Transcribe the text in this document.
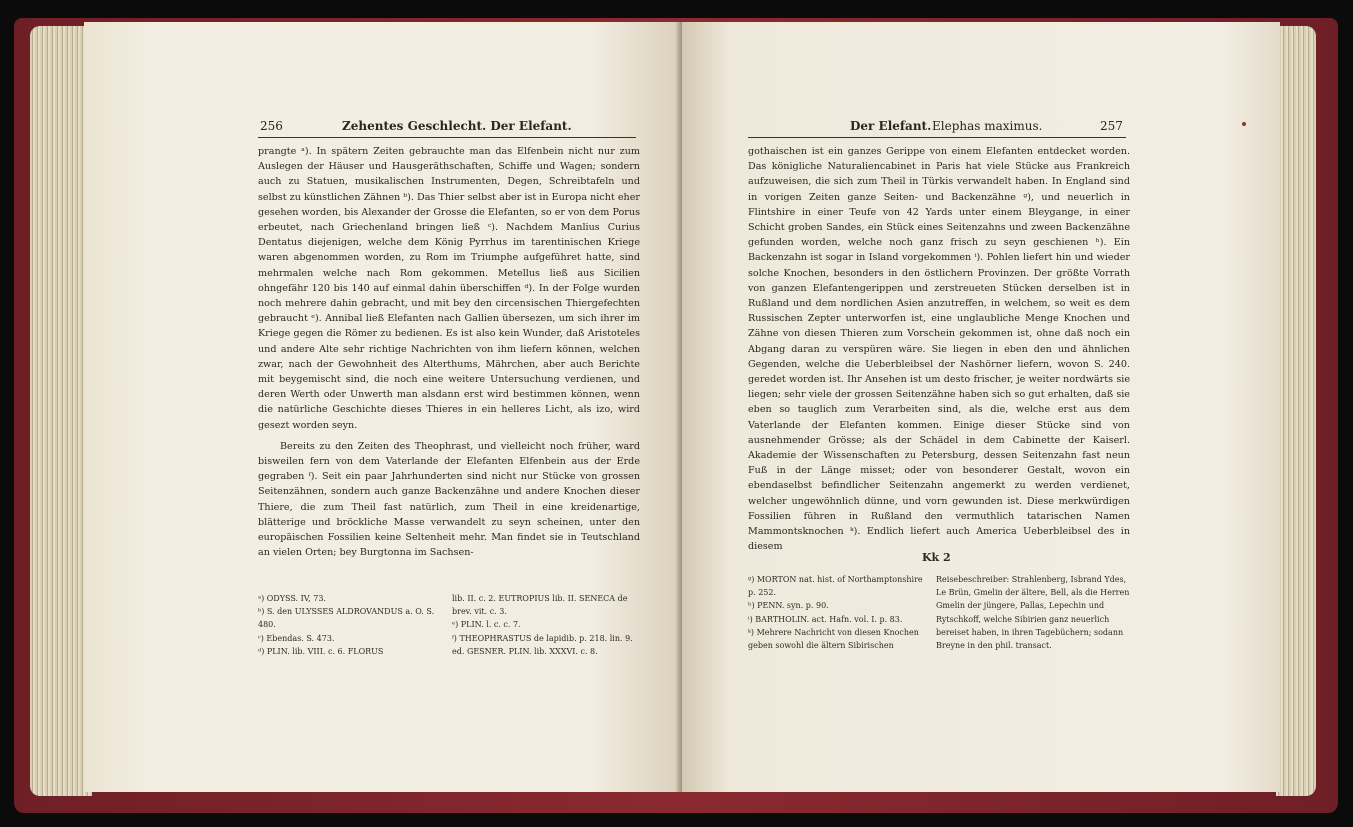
256	Zehentes Geschlecht. Der Elefant.

prangte ᵃ). In spätern Zeiten gebrauchte man das Elfenbein nicht nur zum Auslegen der Häuser und Hausgeräthschaften, Schiffe und Wagen; sondern auch zu Statuen, musikalischen Instrumenten, Degen, Schreibtafeln und selbst zu künstlichen Zähnen ᵇ). Das Thier selbst aber ist in Europa nicht eher gesehen worden, bis Alexander der Grosse die Elefanten, so er von dem Porus erbeutet, nach Griechenland bringen ließ ᶜ). Nachdem Manlius Curius Dentatus diejenigen, welche dem König Pyrrhus im tarentinischen Kriege waren abgenommen worden, zu Rom im Triumphe aufgeführet hatte, sind mehrmalen welche nach Rom gekommen. Metellus ließ aus Sicilien ohngefähr 120 bis 140 auf einmal dahin überschiffen ᵈ). In der Folge wurden noch mehrere dahin gebracht, und mit bey den circensischen Thiergefechten gebraucht ᵉ). Annibal ließ Elefanten nach Gallien übersezen, um sich ihrer im Kriege gegen die Römer zu bedienen. Es ist also kein Wunder, daß Aristoteles und andere Alte sehr richtige Nachrichten von ihm liefern können, welchen zwar, nach der Gewohnheit des Alterthums, Mährchen, aber auch Berichte mit beygemischt sind, die noch eine weitere Untersuchung verdienen, und deren Werth oder Unwerth man alsdann erst wird bestimmen können, wenn die natürliche Geschichte dieses Thieres in ein helleres Licht, als izo, wird gesezt worden seyn.

Bereits zu den Zeiten des Theophrast, und vielleicht noch früher, ward bisweilen fern von dem Vaterlande der Elefanten Elfenbein aus der Erde gegraben ᶠ). Seit ein paar Jahrhunderten sind nicht nur Stücke von grossen Seitenzähnen, sondern auch ganze Backenzähne und andere Knochen dieser Thiere, die zum Theil fast natürlich, zum Theil in eine kreidenartige, blätterige und bröckliche Masse verwandelt zu seyn scheinen, unter den europäischen Fossilien keine Seltenheit mehr. Man findet sie in Teutschland an vielen Orten; bey Burgtonna im Sachsen-

ᵃ) ODYSS. IV, 73.
ᵇ) S. den ULYSSES ALDROVANDUS a. O. S. 480.
ᶜ) Ebendas. S. 473.
ᵈ) PLIN. lib. VIII. c. 6. FLORUS
lib. II. c. 2. EUTROPIUS lib. II. SENECA de brev. vit. c. 3.
ᵉ) PLIN. l. c. c. 7.
ᶠ) THEOPHRASTUS de lapidib. p. 218. lin. 9. ed. GESNER. PLIN. lib. XXXVI. c. 8.
Der Elefant. Elephas maximus.	257

gothaischen ist ein ganzes Gerippe von einem Elefanten entdecket worden. Das königliche Naturaliencabinet in Paris hat viele Stücke aus Frankreich aufzuweisen, die sich zum Theil in Türkis verwandelt haben. In England sind in vorigen Zeiten ganze Seiten- und Backenzähne ᵍ), und neuerlich in Flintshire in einer Teufe von 42 Yards unter einem Bleygange, in einer Schicht groben Sandes, ein Stück eines Seitenzahns und zween Backenzähne gefunden worden, welche noch ganz frisch zu seyn geschienen ʰ). Ein Backenzahn ist sogar in Island vorgekommen ⁱ). Pohlen liefert hin und wieder solche Knochen, besonders in den östlichern Provinzen. Der größte Vorrath von ganzen Elefantengerippen und zerstreueten Stücken derselben ist in Rußland und dem nordlichen Asien anzutreffen, in welchem, so weit es dem Russischen Zepter unterworfen ist, eine unglaubliche Menge Knochen und Zähne von diesen Thieren zum Vorschein gekommen ist, ohne daß noch ein Abgang daran zu verspüren wäre. Sie liegen in eben den und ähnlichen Gegenden, welche die Ueberbleibsel der Nashörner liefern, wovon S. 240. geredet worden ist. Ihr Ansehen ist um desto frischer, je weiter nordwärts sie liegen; sehr viele der grossen Seitenzähne haben sich so gut erhalten, daß sie eben so tauglich zum Verarbeiten sind, als die, welche erst aus dem Vaterlande der Elefanten kommen. Einige dieser Stücke sind von ausnehmender Grösse; als der Schädel in dem Cabinette der Kaiserl. Akademie der Wissenschaften zu Petersburg, dessen Seitenzahn fast neun Fuß in der Länge misset; oder von besonderer Gestalt, wovon ein ebendaselbst befindlicher Seitenzahn angemerkt zu werden verdienet, welcher ungewöhnlich dünne, und vorn gewunden ist. Diese merkwürdigen Fossilien führen in Rußland den vermuthlich tatarischen Namen Mammontsknochen ᵏ). Endlich liefert auch America Ueberbleibsel des in diesem

Kk 2
ᵍ) MORTON nat. hist. of Northamptonshire p. 252.
ʰ) PENN. syn. p. 90.
ⁱ) BARTHOLIN. act. Hafn. vol. I. p. 83.
ᵏ) Mehrere Nachricht von diesen Knochen geben sowohl die ältern Sibirischen
Reisebeschreiber: Strahlenberg, Isbrand Ydes, Le Brün, Gmelin der ältere, Bell, als die Herren Gmelin der jüngere, Pallas, Lepechin und Rytschkoff, welche Sibirien ganz neuerlich bereiset haben, in ihren Tagebüchern; sodann Breyne in den phil. transact.
